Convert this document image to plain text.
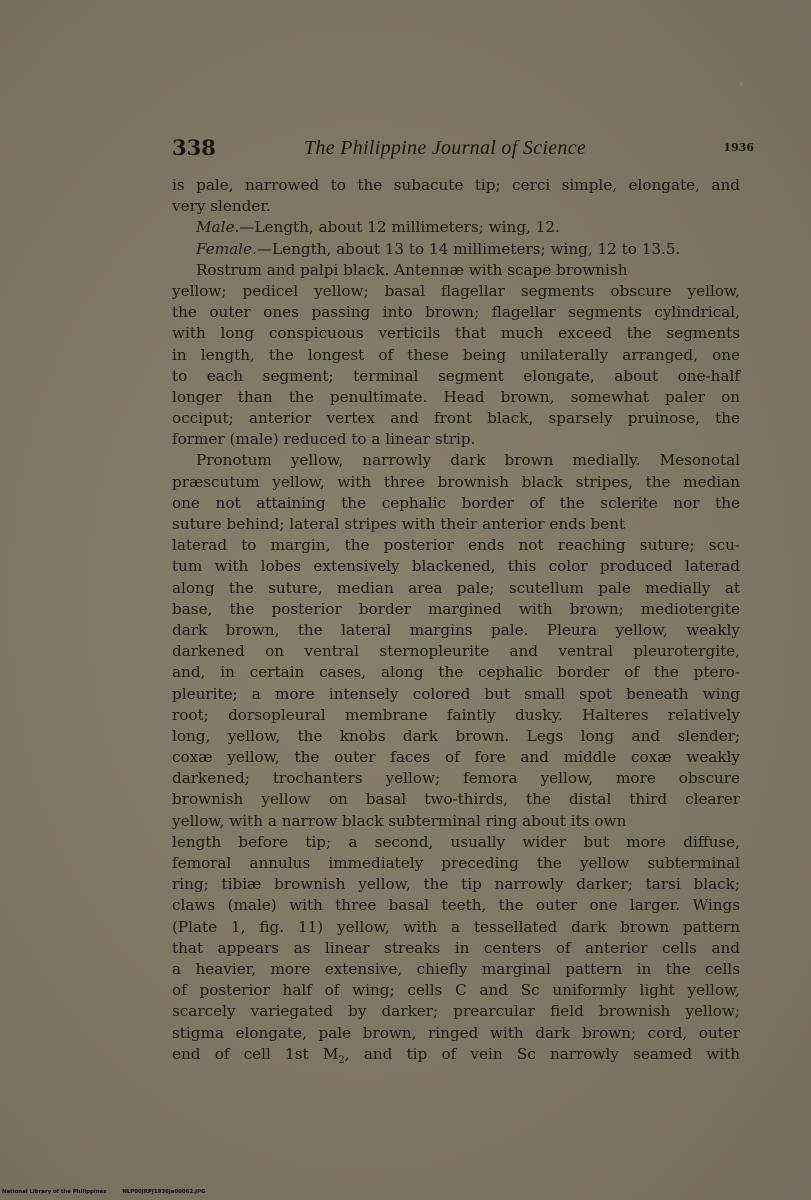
ʾ
338	The Philippine Journal of Science	1936
is pale, narrowed to the subacute tip; cerci simple, elongate, and
very slender.
Male.—Length, about 12 millimeters; wing, 12.
Female.—Length, about 13 to 14 millimeters; wing, 12 to 13.5.
Rostrum and palpi black. Antennæ with scape brownish
yellow; pedicel yellow; basal flagellar segments obscure yellow,
the outer ones passing into brown; flagellar segments cylindrical,
with long conspicuous verticils that much exceed the segments
in length, the longest of these being unilaterally arranged, one
to each segment; terminal segment elongate, about one-half
longer than the penultimate. Head brown, somewhat paler on
occiput; anterior vertex and front black, sparsely pruinose, the
former (male) reduced to a linear strip.
Pronotum yellow, narrowly dark brown medially. Mesonotal
præscutum yellow, with three brownish black stripes, the median
one not attaining the cephalic border of the sclerite nor the
suture behind; lateral stripes with their anterior ends bent
laterad to margin, the posterior ends not reaching suture; scu-
tum with lobes extensively blackened, this color produced laterad
along the suture, median area pale; scutellum pale medially at
base, the posterior border margined with brown; mediotergite
dark brown, the lateral margins pale. Pleura yellow, weakly
darkened on ventral sternopleurite and ventral pleurotergite,
and, in certain cases, along the cephalic border of the ptero-
pleurite; a more intensely colored but small spot beneath wing
root; dorsopleural membrane faintly dusky. Halteres relatively
long, yellow, the knobs dark brown. Legs long and slender;
coxæ yellow, the outer faces of fore and middle coxæ weakly
darkened; trochanters yellow; femora yellow, more obscure
brownish yellow on basal two-thirds, the distal third clearer
yellow, with a narrow black subterminal ring about its own
length before tip; a second, usually wider but more diffuse,
femoral annulus immediately preceding the yellow subterminal
ring; tibiæ brownish yellow, the tip narrowly darker; tarsi black;
claws (male) with three basal teeth, the outer one larger. Wings
(Plate 1, fig. 11) yellow, with a tessellated dark brown pattern
that appears as linear streaks in centers of anterior cells and
a heavier, more extensive, chiefly marginal pattern in the cells
of posterior half of wing; cells C and Sc uniformly light yellow,
scarcely variegated by darker; prearcular field brownish yellow;
stigma elongate, pale brown, ringed with dark brown; cord, outer
end of cell 1st $M_2$, and tip of vein Sc narrowly seamed with
National Library of the Philippines	NLP00JRPJ1936ja00062.JPG
